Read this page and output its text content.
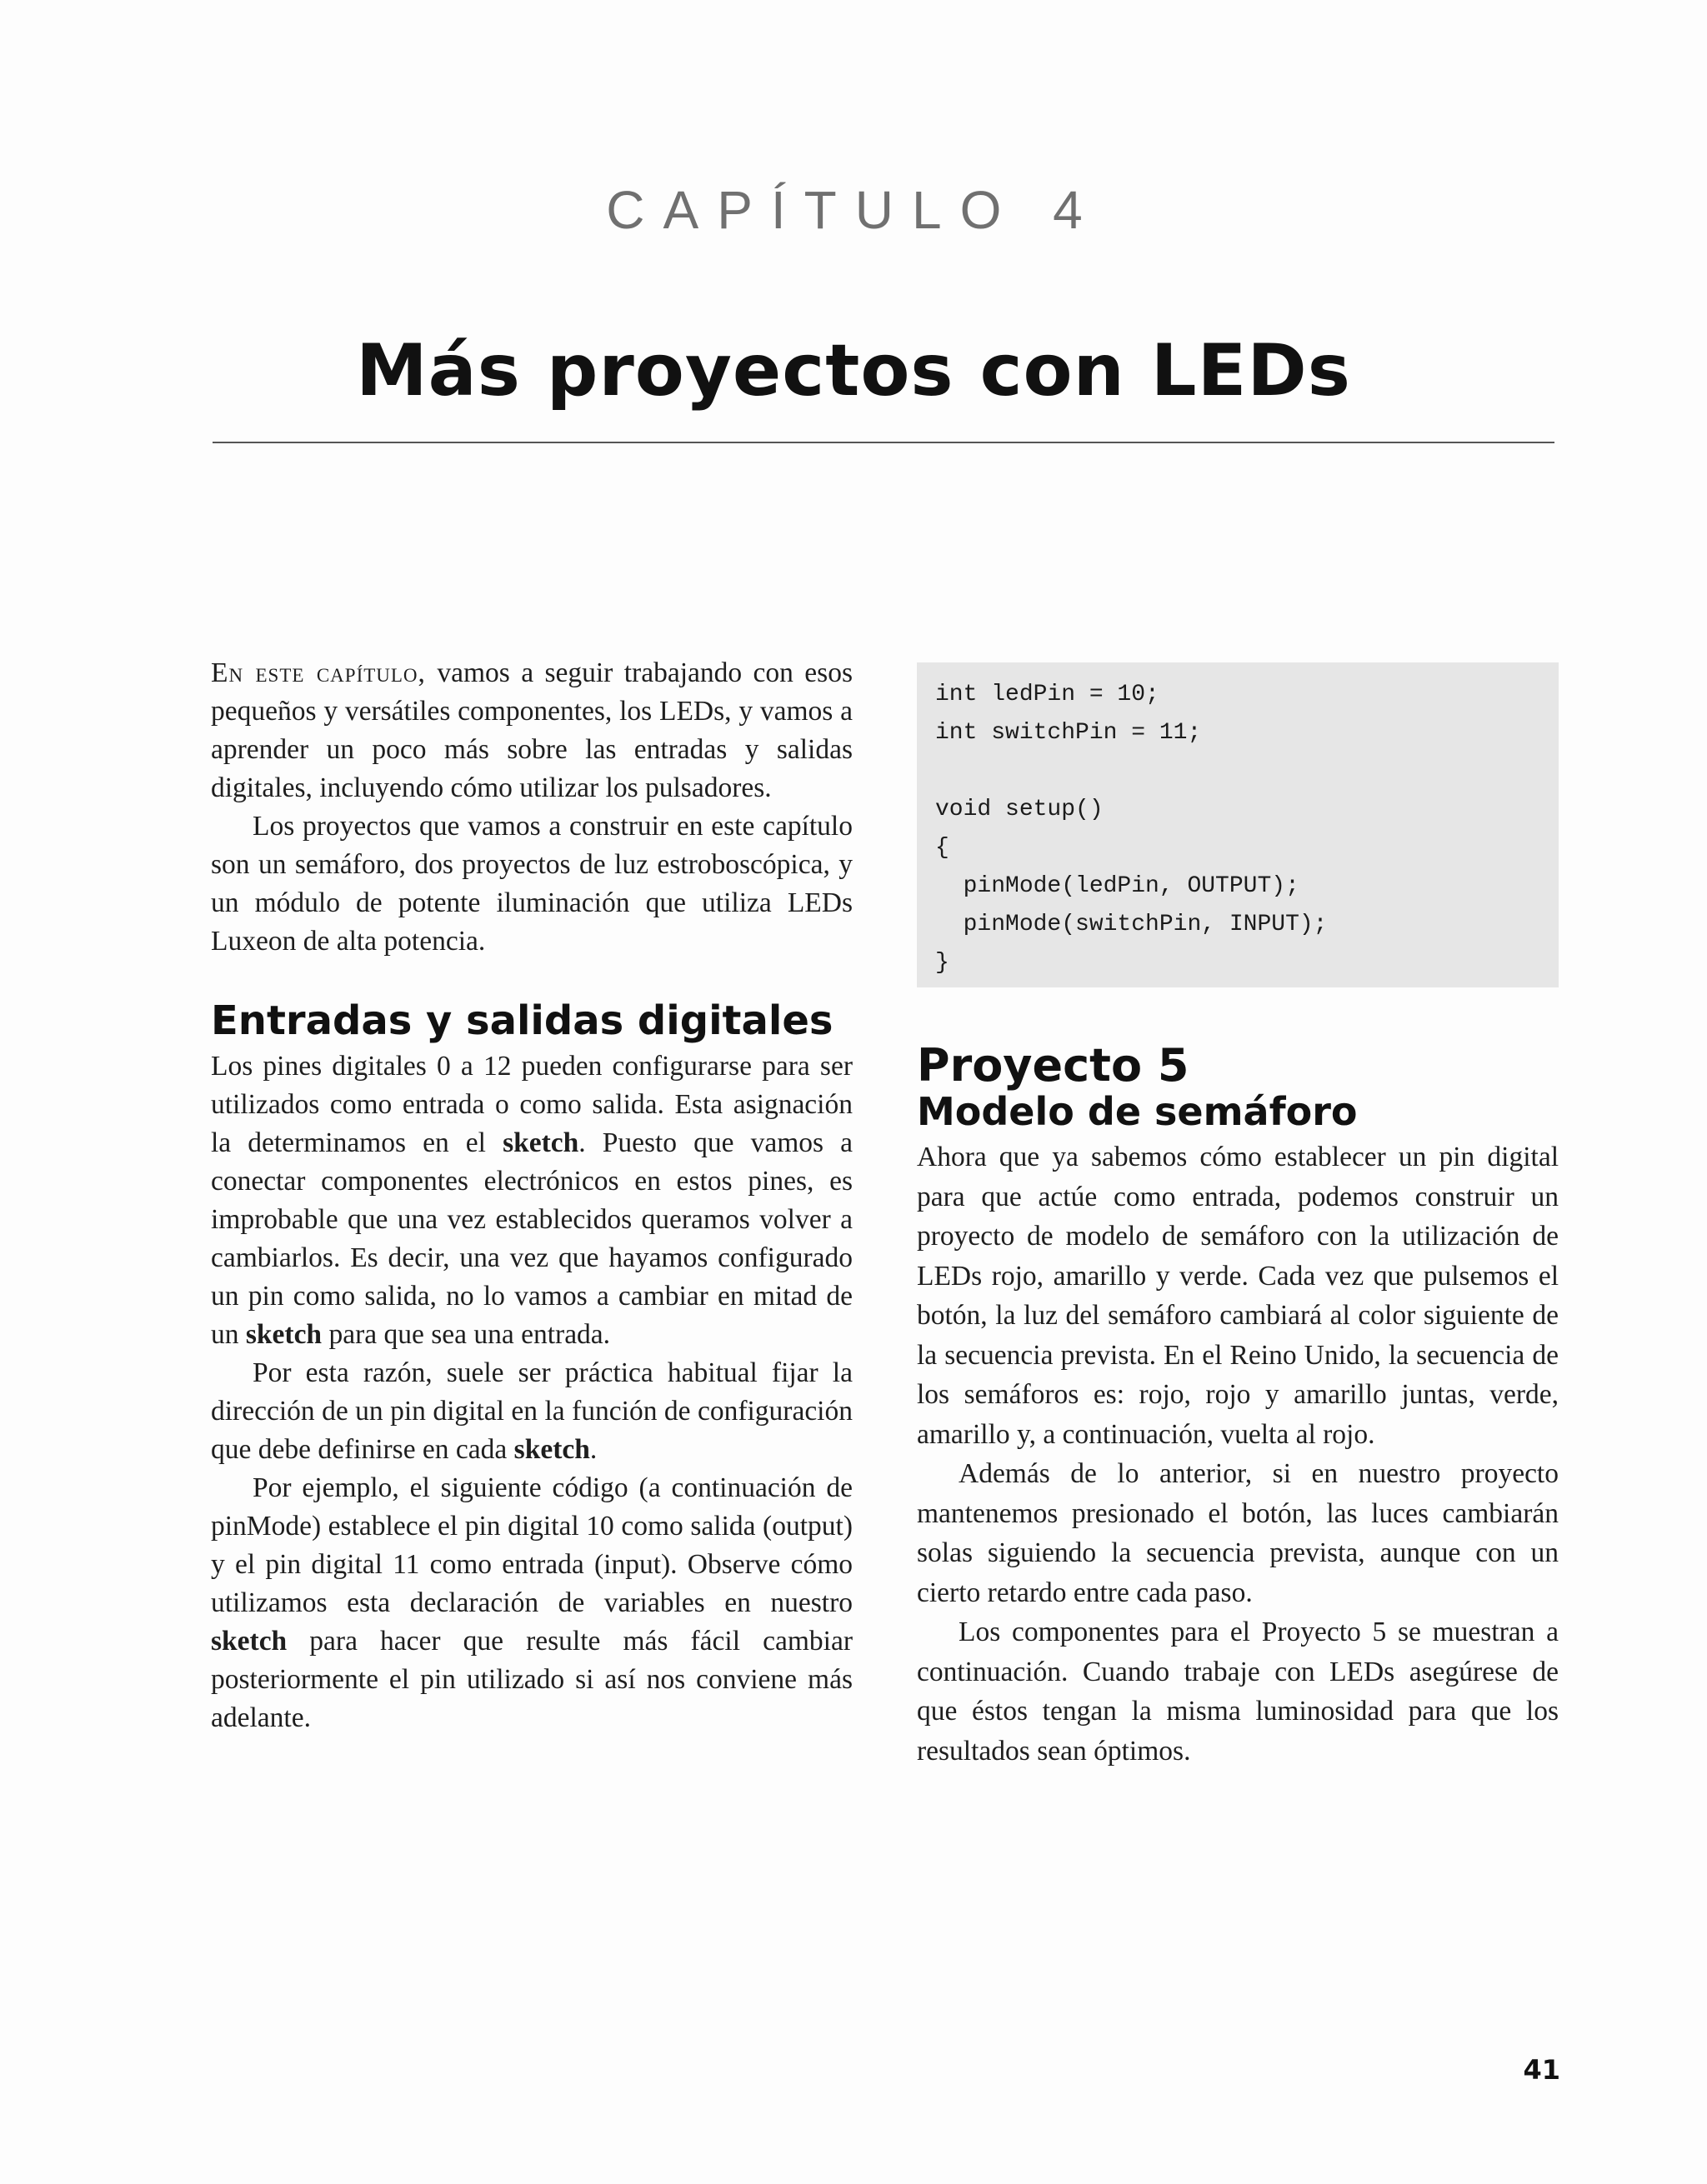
CAPÍTULO 4
Más proyectos con LEDs

En este capítulo, vamos a seguir trabajando con esos pequeños y versátiles componentes, los LEDs, y vamos a aprender un poco más sobre las entradas y salidas digitales, incluyendo cómo utilizar los pulsadores.

Los proyectos que vamos a construir en este capítulo son un semáforo, dos proyectos de luz estroboscópica, y un módulo de potente iluminación que utiliza LEDs Luxeon de alta potencia.

Entradas y salidas digitales

Los pines digitales 0 a 12 pueden configurarse para ser utilizados como entrada o como salida. Esta asignación la determinamos en el sketch. Puesto que vamos a conectar componentes electrónicos en estos pines, es improbable que una vez establecidos queramos volver a cambiarlos. Es decir, una vez que hayamos configurado un pin como salida, no lo vamos a cambiar en mitad de un sketch para que sea una entrada.

Por esta razón, suele ser práctica habitual fijar la dirección de un pin digital en la función de configuración que debe definirse en cada sketch.

Por ejemplo, el siguiente código (a continuación de pinMode) establece el pin digital 10 como salida (output) y el pin digital 11 como entrada (input). Observe cómo utilizamos esta declaración de variables en nuestro sketch para hacer que resulte más fácil cambiar posteriormente el pin utilizado si así nos conviene más adelante.

int ledPin = 10;
int switchPin = 11;

void setup()
{
pinMode(ledPin, OUTPUT);
pinMode(switchPin, INPUT);
}
Proyecto 5
Modelo de semáforo

Ahora que ya sabemos cómo establecer un pin digital para que actúe como entrada, podemos construir un proyecto de modelo de semáforo con la utilización de LEDs rojo, amarillo y verde. Cada vez que pulsemos el botón, la luz del semáforo cambiará al color siguiente de la secuencia prevista. En el Reino Unido, la secuencia de los semáforos es: rojo, rojo y amarillo juntas, verde, amarillo y, a continuación, vuelta al rojo.

Además de lo anterior, si en nuestro proyecto mantenemos presionado el botón, las luces cambiarán solas siguiendo la secuencia prevista, aunque con un cierto retardo entre cada paso.

Los componentes para el Proyecto 5 se muestran a continuación. Cuando trabaje con LEDs asegúrese de que éstos tengan la misma luminosidad para que los resultados sean óptimos.

41
